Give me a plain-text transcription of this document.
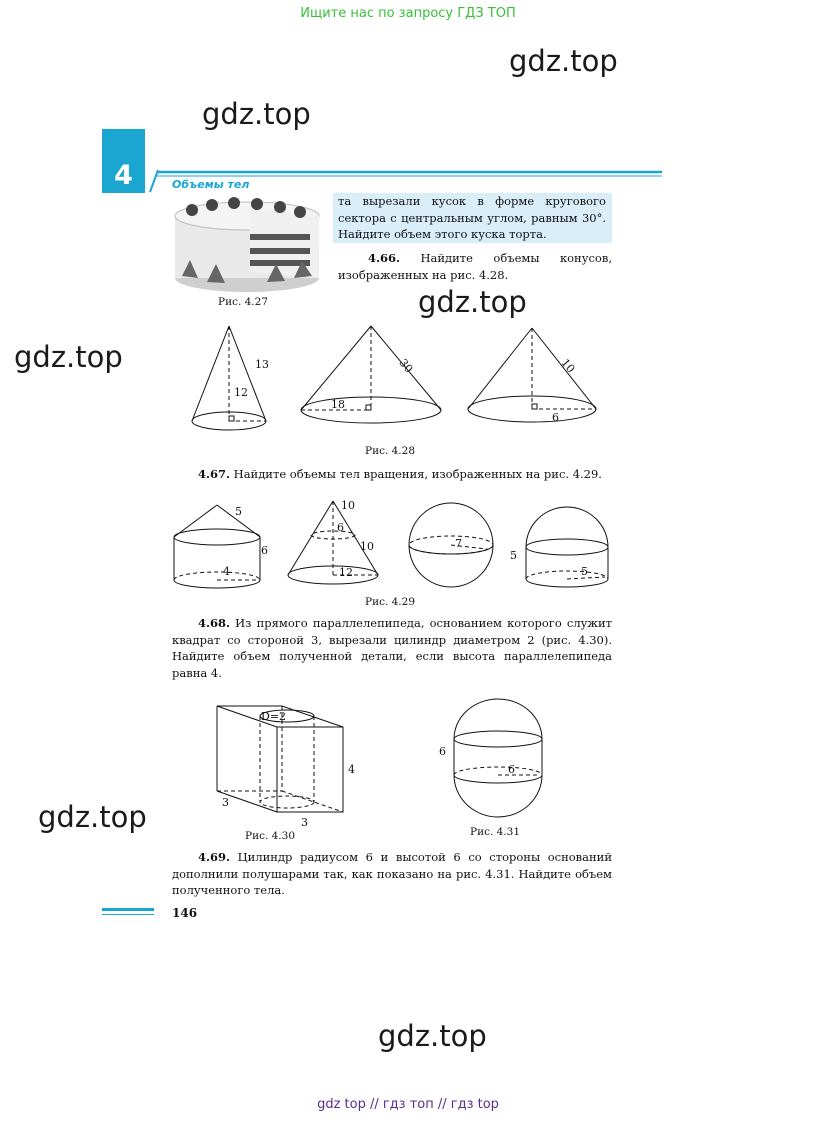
Ищите нас по запросу ГДЗ ТОП
gdz.top
gdz.top
gdz.top
gdz.top
gdz.top
gdz.top
4	Объемы тел
Рис. 4.27
та вырезали кусок в форме кругового сектора с центральным углом, равным 30°. Найдите объем этого куска торта.
4.66. Найдите объемы конусов, изображенных на рис. 4.28.
13
12
30
18
10
6
Рис. 4.28
4.67. Найдите объемы тел вращения, изображенных на рис. 4.29.
5
6
4
10
6
10
12
7
5
5
Рис. 4.29
4.68. Из прямого параллелепипеда, основанием которого служит квадрат со стороной 3, вырезали цилиндр диаметром 2 (рис. 4.30). Найдите объем полученной детали, если высота параллелепипеда равна 4.
D=2
4
3
3
Рис. 4.30
6
6
Рис. 4.31
4.69. Цилиндр радиусом 6 и высотой 6 со стороны оснований дополнили полушарами так, как показано на рис. 4.31. Найдите объем полученного тела.
146
gdz top // гдз топ // гдз top
